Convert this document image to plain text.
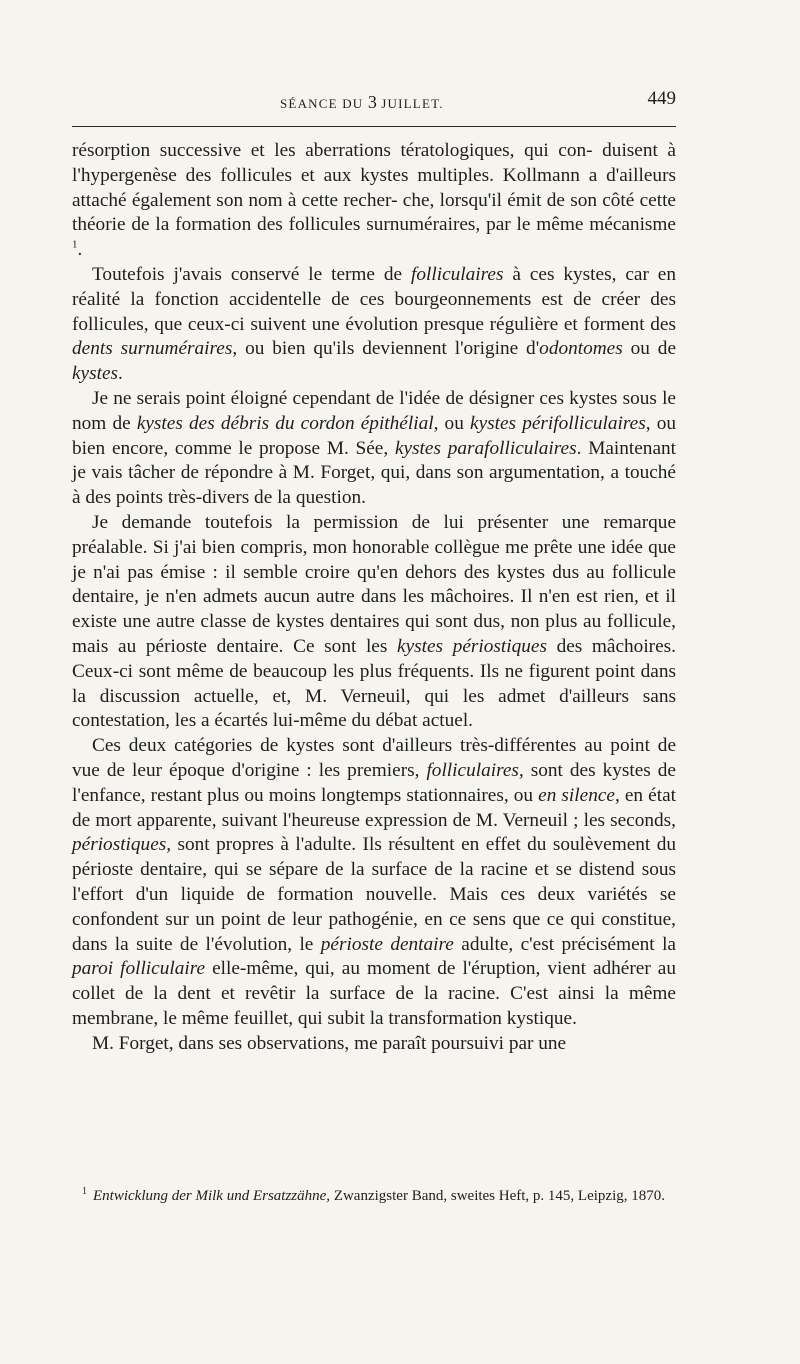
SÉANCE DU 3 JUILLET.	449

résorption successive et les aberrations tératologiques, qui con- duisent à l'hypergenèse des follicules et aux kystes multiples. Kollmann a d'ailleurs attaché également son nom à cette recher- che, lorsqu'il émit de son côté cette théorie de la formation des follicules surnuméraires, par le même mécanisme $^1$.

Toutefois j'avais conservé le terme de folliculaires à ces kystes, car en réalité la fonction accidentelle de ces bourgeonnements est de créer des follicules, que ceux-ci suivent une évolution presque régulière et forment des dents surnuméraires, ou bien qu'ils deviennent l'origine d'odontomes ou de kystes.

Je ne serais point éloigné cependant de l'idée de désigner ces kystes sous le nom de kystes des débris du cordon épithélial, ou kystes périfolliculaires, ou bien encore, comme le propose M. Sée, kystes parafolliculaires. Maintenant je vais tâcher de répondre à M. Forget, qui, dans son argumentation, a touché à des points très-divers de la question.

Je demande toutefois la permission de lui présenter une remarque préalable. Si j'ai bien compris, mon honorable collègue me prête une idée que je n'ai pas émise : il semble croire qu'en dehors des kystes dus au follicule dentaire, je n'en admets aucun autre dans les mâchoires. Il n'en est rien, et il existe une autre classe de kystes dentaires qui sont dus, non plus au follicule, mais au périoste dentaire. Ce sont les kystes périostiques des mâchoires. Ceux-ci sont même de beaucoup les plus fréquents. Ils ne figurent point dans la discussion actuelle, et, M. Verneuil, qui les admet d'ailleurs sans contestation, les a écartés lui-même du débat actuel.

Ces deux catégories de kystes sont d'ailleurs très-différentes au point de vue de leur époque d'origine : les premiers, folliculaires, sont des kystes de l'enfance, restant plus ou moins longtemps stationnaires, ou en silence, en état de mort apparente, suivant l'heureuse expression de M. Verneuil ; les seconds, périostiques, sont propres à l'adulte. Ils résultent en effet du soulèvement du périoste dentaire, qui se sépare de la surface de la racine et se distend sous l'effort d'un liquide de formation nouvelle. Mais ces deux variétés se confondent sur un point de leur pathogénie, en ce sens que ce qui constitue, dans la suite de l'évolution, le périoste dentaire adulte, c'est précisément la paroi folliculaire elle-même, qui, au moment de l'éruption, vient adhérer au collet de la dent et revêtir la surface de la racine. C'est ainsi la même membrane, le même feuillet, qui subit la transformation kystique.

M. Forget, dans ses observations, me paraît poursuivi par une

$^1$ Entwicklung der Milk und Ersatzzähne, Zwanzigster Band, sweites Heft, p. 145, Leipzig, 1870.
